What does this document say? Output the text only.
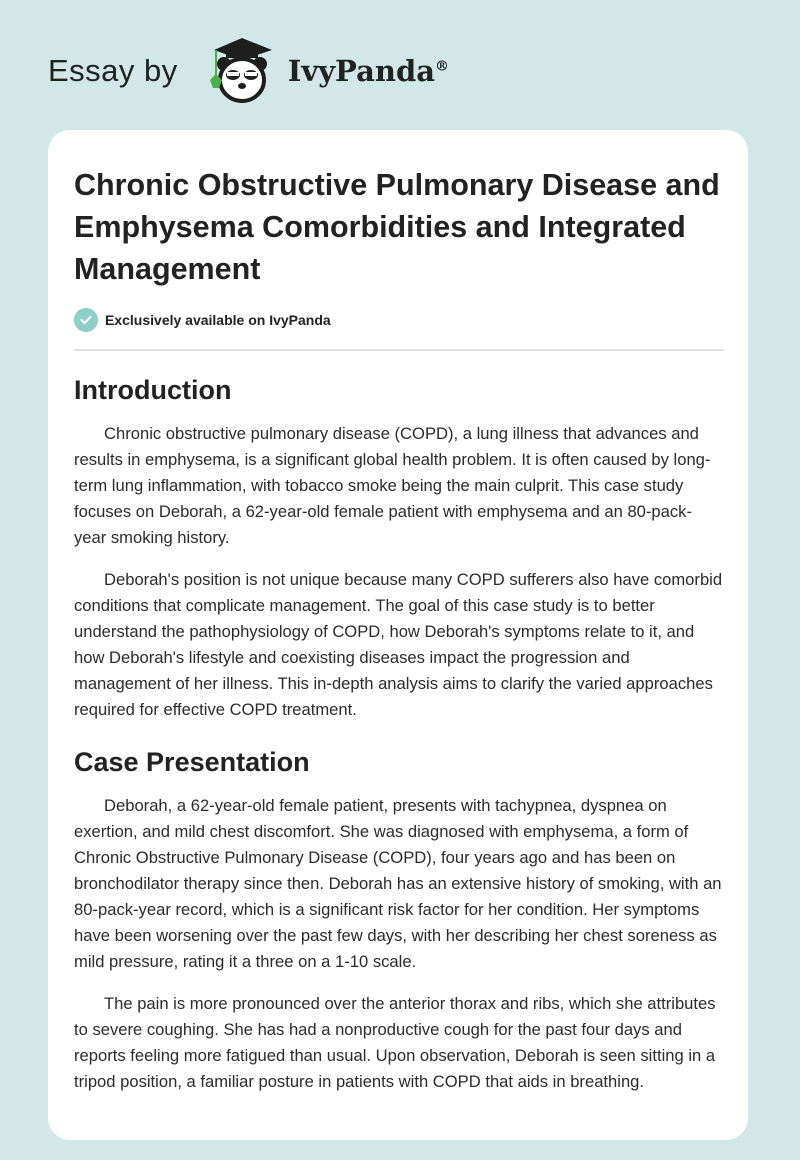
Essay by	IvyPanda®
Chronic Obstructive Pulmonary Disease and Emphysema Comorbidities and Integrated Management
Exclusively available on IvyPanda
Introduction

Chronic obstructive pulmonary disease (COPD), a lung illness that advances and results in emphysema, is a significant global health problem. It is often caused by long-term lung inflammation, with tobacco smoke being the main culprit. This case study focuses on Deborah, a 62-year-old female patient with emphysema and an 80-pack-year smoking history.

Deborah's position is not unique because many COPD sufferers also have comorbid conditions that complicate management. The goal of this case study is to better understand the pathophysiology of COPD, how Deborah's symptoms relate to it, and how Deborah's lifestyle and coexisting diseases impact the progression and management of her illness. This in-depth analysis aims to clarify the varied approaches required for effective COPD treatment.

Case Presentation

Deborah, a 62-year-old female patient, presents with tachypnea, dyspnea on exertion, and mild chest discomfort. She was diagnosed with emphysema, a form of Chronic Obstructive Pulmonary Disease (COPD), four years ago and has been on bronchodilator therapy since then. Deborah has an extensive history of smoking, with an 80-pack-year record, which is a significant risk factor for her condition. Her symptoms have been worsening over the past few days, with her describing her chest soreness as mild pressure, rating it a three on a 1-10 scale.

The pain is more pronounced over the anterior thorax and ribs, which she attributes to severe coughing. She has had a nonproductive cough for the past four days and reports feeling more fatigued than usual. Upon observation, Deborah is seen sitting in a tripod position, a familiar posture in patients with COPD that aids in breathing.
